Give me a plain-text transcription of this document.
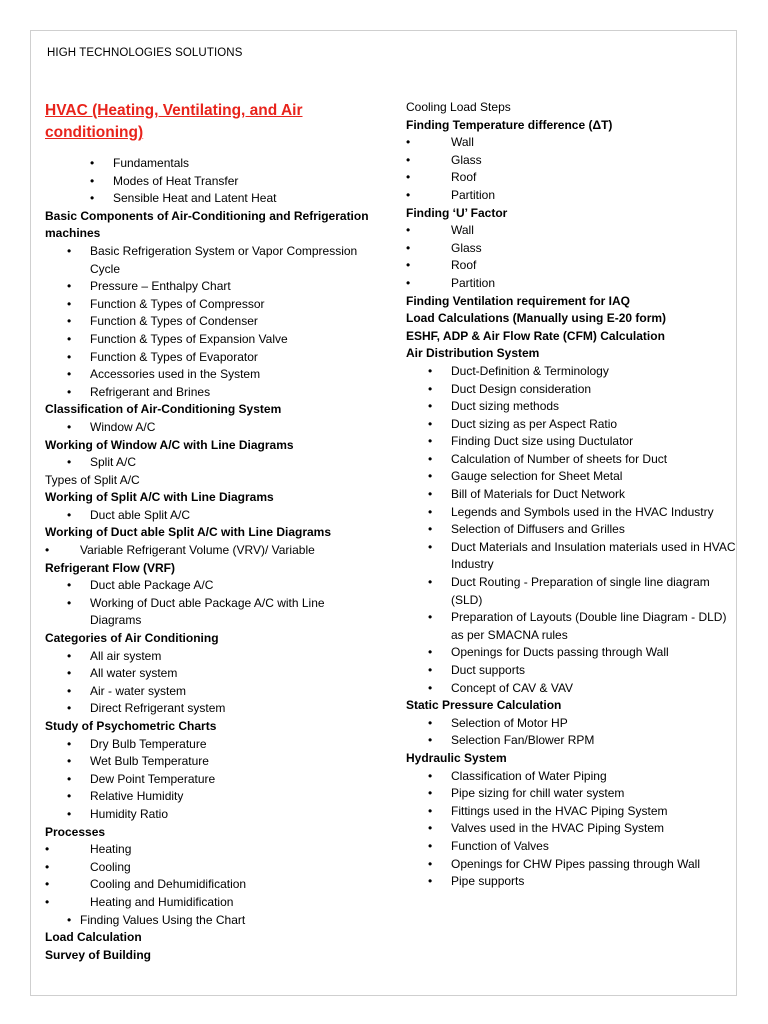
HIGH TECHNOLOGIES SOLUTIONS
HVAC (Heating, Ventilating, and Air conditioning)
• Fundamentals
• Modes of Heat Transfer
• Sensible Heat and Latent Heat
Basic Components of Air-Conditioning and Refrigeration machines
• Basic Refrigeration System or Vapor Compression Cycle
• Pressure – Enthalpy Chart
• Function & Types of Compressor
• Function & Types of Condenser
• Function & Types of Expansion Valve
• Function & Types of Evaporator
• Accessories used in the System
• Refrigerant and Brines
Classification of Air-Conditioning System
• Window A/C
Working of Window A/C with Line Diagrams
• Split A/C
Types of Split A/C
Working of Split A/C with Line Diagrams
• Duct able Split A/C
Working of Duct able Split A/C with Line Diagrams
•	Variable Refrigerant Volume (VRV)/ Variable
Refrigerant Flow (VRF)
• Duct able Package A/C
• Working of Duct able Package A/C with Line Diagrams
Categories of Air Conditioning
• All air system
• All water system
• Air - water system
• Direct Refrigerant system
Study of Psychometric Charts
• Dry Bulb Temperature
• Wet Bulb Temperature
• Dew Point Temperature
• Relative Humidity
• Humidity Ratio
Processes
•	Heating
•	Cooling
•	Cooling and Dehumidification
•	Heating and Humidification
• Finding Values Using the Chart
Load Calculation
Survey of Building
Cooling Load Steps
Finding Temperature difference (ΔT)
•	Wall
•	Glass
•	Roof
•	Partition
Finding ‘U’ Factor
•	Wall
•	Glass
•	Roof
•	Partition
Finding Ventilation requirement for IAQ
Load Calculations (Manually using E-20 form)
ESHF, ADP & Air Flow Rate (CFM) Calculation
Air Distribution System
• Duct-Definition & Terminology
• Duct Design consideration
• Duct sizing methods
• Duct sizing as per Aspect Ratio
• Finding Duct size using Ductulator
• Calculation of Number of sheets for Duct
• Gauge selection for Sheet Metal
• Bill of Materials for Duct Network
• Legends and Symbols used in the HVAC Industry
• Selection of Diffusers and Grilles
• Duct Materials and Insulation materials used in HVAC Industry
• Duct Routing - Preparation of single line diagram (SLD)
• Preparation of Layouts (Double line Diagram - DLD) as per SMACNA rules
• Openings for Ducts passing through Wall
• Duct supports
• Concept of CAV & VAV
Static Pressure Calculation
• Selection of Motor HP
• Selection Fan/Blower RPM
Hydraulic System
• Classification of Water Piping
• Pipe sizing for chill water system
• Fittings used in the HVAC Piping System
• Valves used in the HVAC Piping System
• Function of Valves
• Openings for CHW Pipes passing through Wall
• Pipe supports
